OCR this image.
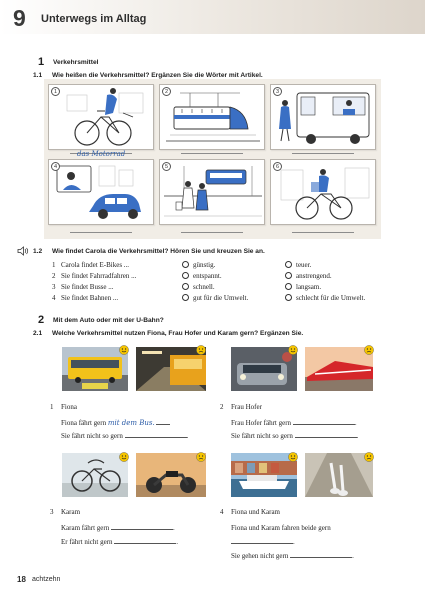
9 Unterwegs im Alltag
1 Verkehrsmittel
1.1 Wie heißen die Verkehrsmittel? Ergänzen Sie die Wörter mit Artikel.
1	2	3
4	5	6
das Motorrad
1.2 Wie findet Carola die Verkehrsmittel? Hören Sie und kreuzen Sie an.
1 Carola findet E-Bikes ...	günstig.	teuer.
2 Sie findet Fahrradfahren ...	entspannt.	anstrengend.
3 Sie findet Busse ...	schnell.	langsam.
4 Sie findet Bahnen ...	gut für die Umwelt.	schlecht für die Umwelt.
2 Mit dem Auto oder mit der U-Bahn?
2.1 Welche Verkehrsmittel nutzen Fiona, Frau Hofer und Karam gern? Ergänzen Sie.
1 Fiona
Fiona fährt gern mit dem Bus.
Sie fährt nicht so gern	.
2 Frau Hofer
Frau Hofer fährt gern	.
Sie fährt nicht so gern	.
3 Karam
Karam fährt gern	.
Er fährt nicht gern	.
4 Fiona und Karam
Fiona und Karam fahren beide gern
.
Sie gehen nicht gern	.
18 achtzehn
